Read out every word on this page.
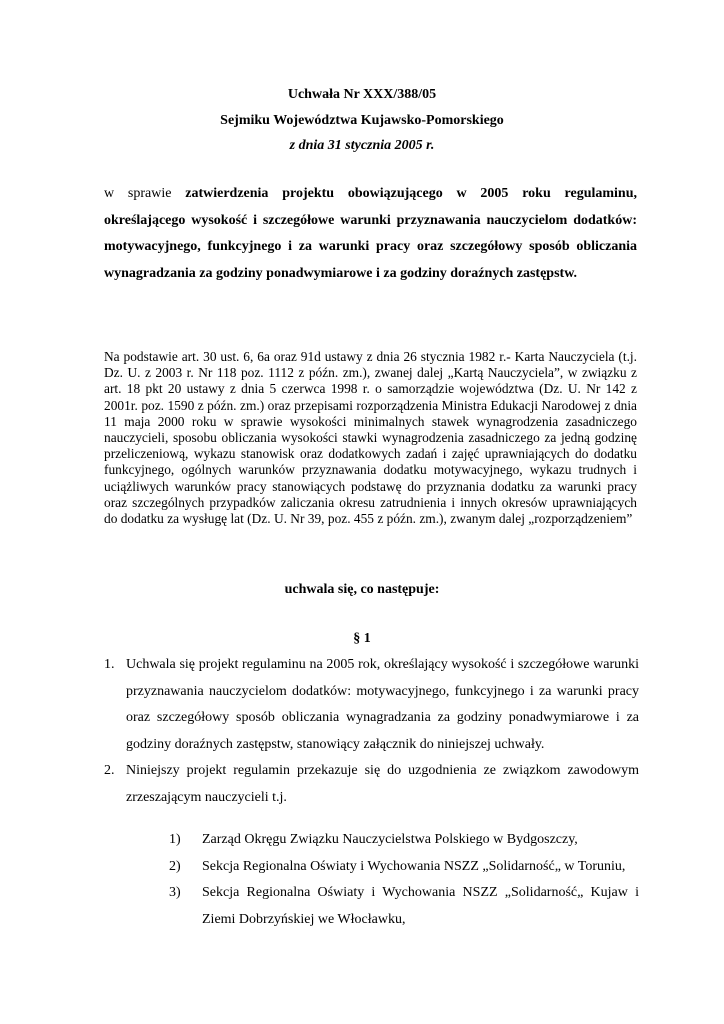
Uchwała Nr XXX/388/05
Sejmiku Województwa Kujawsko-Pomorskiego
z dnia 31 stycznia 2005 r.

w sprawie zatwierdzenia projektu obowiązującego w 2005 roku regulaminu, określającego wysokość i szczegółowe warunki przyznawania nauczycielom dodatków: motywacyjnego, funkcyjnego i za warunki pracy oraz szczegółowy sposób obliczania wynagradzania za godziny ponadwymiarowe i za godziny doraźnych zastępstw.

Na podstawie art. 30 ust. 6, 6a oraz 91d ustawy z dnia 26 stycznia 1982 r.- Karta Nauczyciela (t.j. Dz. U. z 2003 r. Nr 118 poz. 1112 z późn. zm.), zwanej dalej „Kartą Nauczyciela”, w związku z art. 18 pkt 20 ustawy z dnia 5 czerwca 1998 r. o samorządzie województwa (Dz. U. Nr 142 z 2001r. poz. 1590 z późn. zm.) oraz przepisami rozporządzenia Ministra Edukacji Narodowej z dnia 11 maja 2000 roku w sprawie wysokości minimalnych stawek wynagrodzenia zasadniczego nauczycieli, sposobu obliczania wysokości stawki wynagrodzenia zasadniczego za jedną godzinę przeliczeniową, wykazu stanowisk oraz dodatkowych zadań i zajęć uprawniających do dodatku funkcyjnego, ogólnych warunków przyznawania dodatku motywacyjnego, wykazu trudnych i uciążliwych warunków pracy stanowiących podstawę do przyznania dodatku za warunki pracy oraz szczególnych przypadków zaliczania okresu zatrudnienia i innych okresów uprawniających do dodatku za wysługę lat (Dz. U. Nr 39, poz. 455 z późn. zm.), zwanym dalej „rozporządzeniem”

uchwala się, co następuje:
§ 1
1. Uchwala się projekt regulaminu na 2005 rok, określający wysokość i szczegółowe warunki przyznawania nauczycielom dodatków: motywacyjnego, funkcyjnego i za warunki pracy oraz szczegółowy sposób obliczania wynagradzania za godziny ponadwymiarowe i za godziny doraźnych zastępstw, stanowiący załącznik do niniejszej uchwały.

2. Niniejszy projekt regulamin przekazuje się do uzgodnienia ze związkom zawodowym zrzeszającym nauczycieli t.j.

1) Zarząd Okręgu Związku Nauczycielstwa Polskiego w Bydgoszczy,

2) Sekcja Regionalna Oświaty i Wychowania NSZZ „Solidarność„ w Toruniu,

3) Sekcja Regionalna Oświaty i Wychowania NSZZ „Solidarność„ Kujaw i Ziemi Dobrzyńskiej we Włocławku,
